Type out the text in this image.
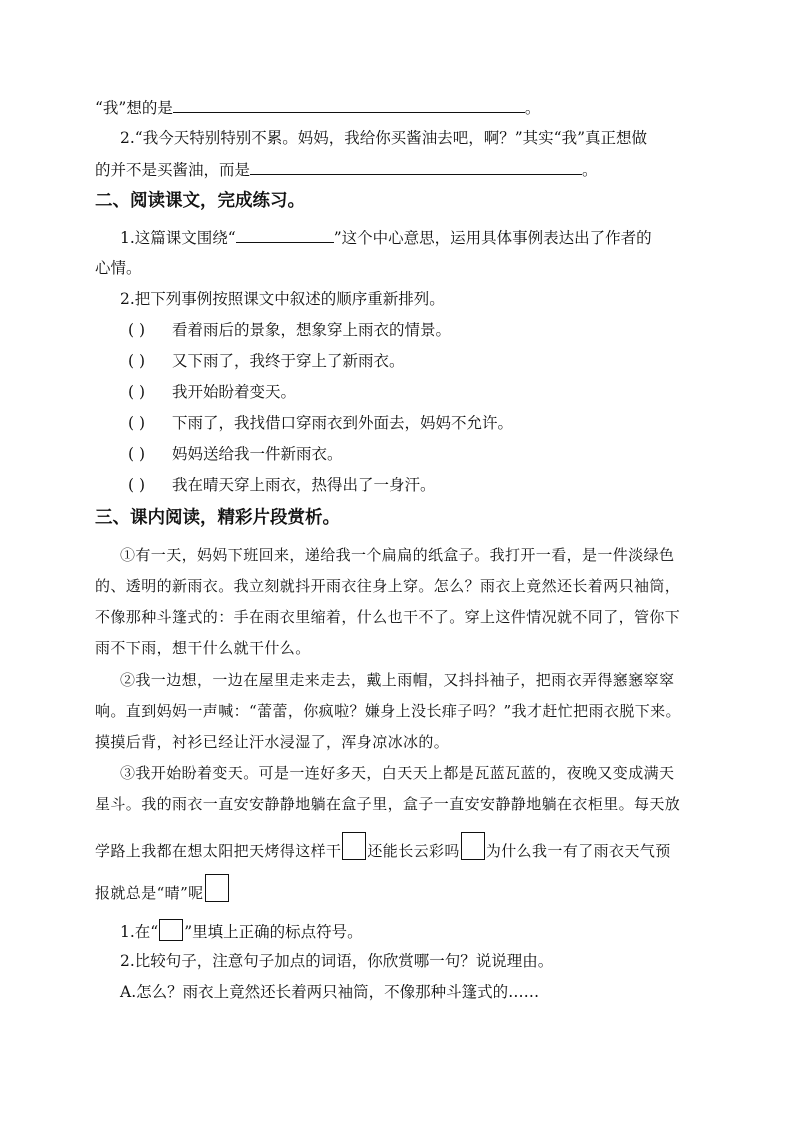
“我”想的是	。
2.“我今天特别特别不累。妈妈，我给你买酱油去吧，啊？”其实“我”真正想做
的并不是买酱油，而是	。
二、阅读课文，完成练习。
1.这篇课文围绕“	”这个中心意思，运用具体事例表达出了作者的
心情。
2.把下列事例按照课文中叙述的顺序重新排列。
( ) 看着雨后的景象，想象穿上雨衣的情景。
( ) 又下雨了，我终于穿上了新雨衣。
( ) 我开始盼着变天。
( ) 下雨了，我找借口穿雨衣到外面去，妈妈不允许。
( ) 妈妈送给我一件新雨衣。
( ) 我在晴天穿上雨衣，热得出了一身汗。
三、课内阅读，精彩片段赏析。
①有一天，妈妈下班回来，递给我一个扁扁的纸盒子。我打开一看，是一件淡绿色
的、透明的新雨衣。我立刻就抖开雨衣往身上穿。怎么？雨衣上竟然还长着两只袖筒，
不像那种斗篷式的：手在雨衣里缩着，什么也干不了。穿上这件情况就不同了，管你下
雨不下雨，想干什么就干什么。
②我一边想，一边在屋里走来走去，戴上雨帽，又抖抖袖子，把雨衣弄得窸窸窣窣
响。直到妈妈一声喊：“蕾蕾，你疯啦？嫌身上没长痱子吗？”我才赶忙把雨衣脱下来。
摸摸后背，衬衫已经让汗水浸湿了，浑身凉冰冰的。
③我开始盼着变天。可是一连好多天，白天天上都是瓦蓝瓦蓝的，夜晚又变成满天
星斗。我的雨衣一直安安静静地躺在盒子里，盒子一直安安静静地躺在衣柜里。每天放
学路上我都在想太阳把天烤得这样干 还能长云彩吗 为什么我一有了雨衣天气预
报就总是“晴”呢
1.在“ ”里填上正确的标点符号。
2.比较句子，注意句子加点的词语，你欣赏哪一句？说说理由。
A.怎么？雨衣上竟然还长着两只袖筒，不像那种斗篷式的……
